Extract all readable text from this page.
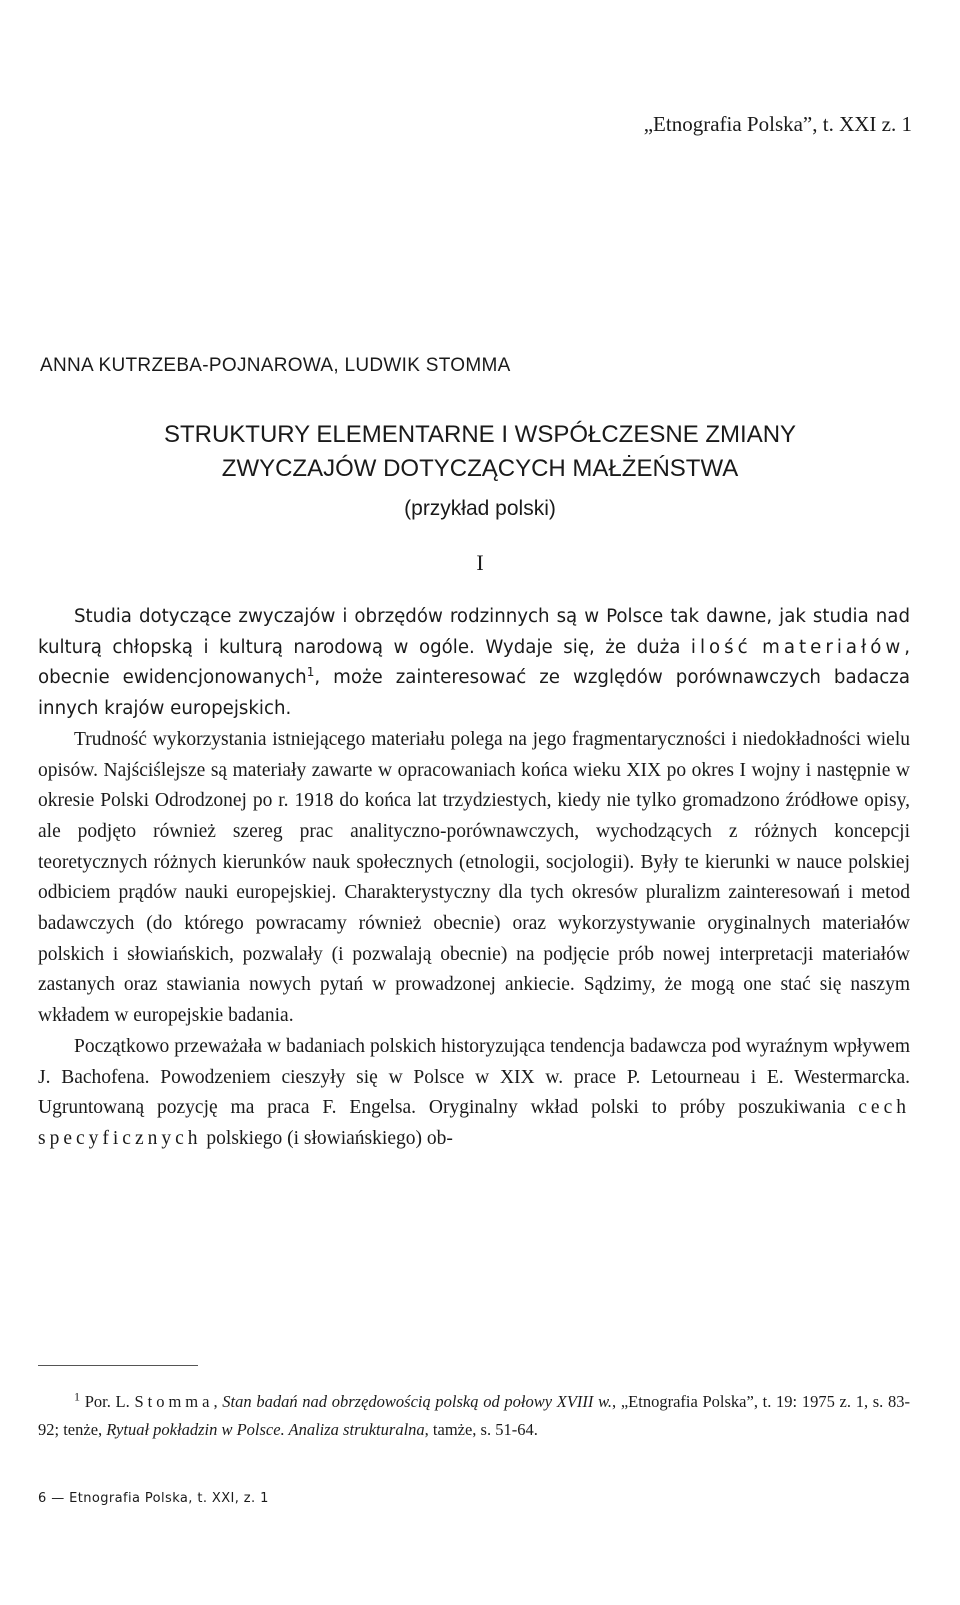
„Etnografia Polska”, t. XXI z. 1
ANNA KUTRZEBA-POJNAROWA, LUDWIK STOMMA
STRUKTURY ELEMENTARNE I WSPÓŁCZESNE ZMIANY
ZWYCZAJÓW DOTYCZĄCYCH MAŁŻEŃSTWA
(przykład polski)
I

Studia dotyczące zwyczajów i obrzędów rodzinnych są w Polsce tak dawne, jak studia nad kulturą chłopską i kulturą narodową w ogóle. Wydaje się, że duża ilość materiałów, obecnie ewidencjonowanych$^1$, może zainteresować ze względów porównawczych badacza innych krajów europejskich.

Trudność wykorzystania istniejącego materiału polega na jego fragmentaryczności i niedokładności wielu opisów. Najściślejsze są materiały zawarte w opracowaniach końca wieku XIX po okres I wojny i następnie w okresie Polski Odrodzonej po r. 1918 do końca lat trzydziestych, kiedy nie tylko gromadzono źródłowe opisy, ale podjęto również szereg prac analityczno-porównawczych, wychodzących z różnych koncepcji teoretycznych różnych kierunków nauk społecznych (etnologii, socjologii). Były te kierunki w nauce polskiej odbiciem prądów nauki europejskiej. Charakterystyczny dla tych okresów pluralizm zainteresowań i metod badawczych (do którego powracamy również obecnie) oraz wykorzystywanie oryginalnych materiałów polskich i słowiańskich, pozwalały (i pozwalają obecnie) na podjęcie prób nowej interpretacji materiałów zastanych oraz stawiania nowych pytań w prowadzonej ankiecie. Sądzimy, że mogą one stać się naszym wkładem w europejskie badania.

Początkowo przeważała w badaniach polskich historyzująca tendencja badawcza pod wyraźnym wpływem J. Bachofena. Powodzeniem cieszyły się w Polsce w XIX w. prace P. Letourneau i E. Westermarcka. Ugruntowaną pozycję ma praca F. Engelsa. Oryginalny wkład polski to próby poszukiwania cech specyficznych polskiego (i słowiańskiego) ob-

$^1$ Por. L. Stomma, Stan badań nad obrzędowością polską od połowy XVIII w., „Etnografia Polska”, t. 19: 1975 z. 1, s. 83-92; tenże, Rytuał pokładzin w Polsce. Analiza strukturalna, tamże, s. 51-64.

6 — Etnografia Polska, t. XXI, z. 1
